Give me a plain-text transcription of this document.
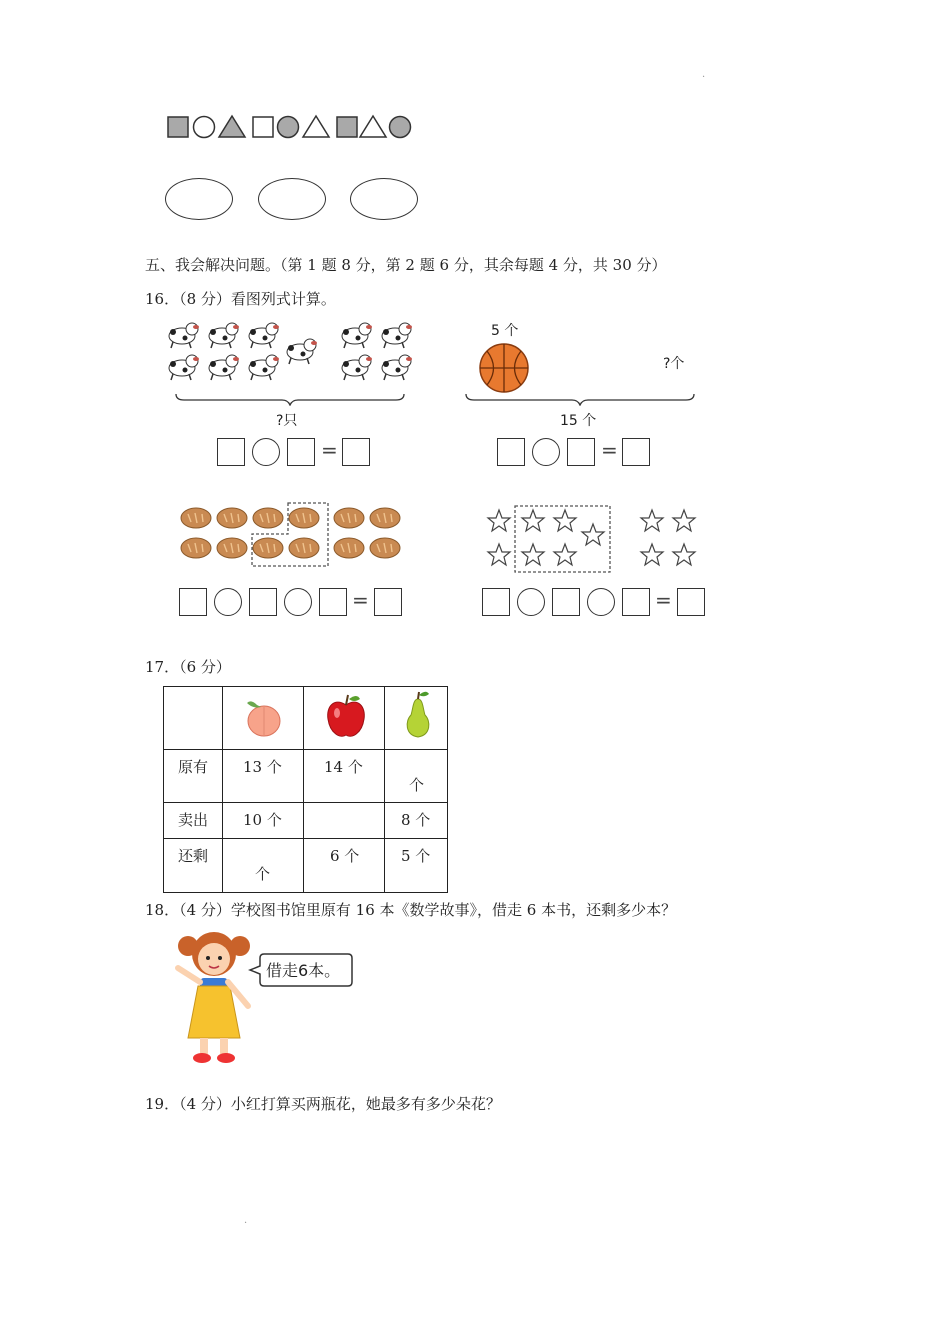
·
·
五、我会解决问题。（第 1 题 8 分，第 2 题 6 分，其余每题 4 分，共 30 分）
16．（8 分）看图列式计算。
?只
=
5 个
?个
15 个
=
=	=
17．（6 分）

原有	13 个	14 个	个

卖出	10 个		8 个

还剩	个	6 个	5 个
18．（4 分）学校图书馆里原有 16 本《数学故事》，借走 6 本书，还剩多少本？
借走6本。
19．（4 分）小红打算买两瓶花，她最多有多少朵花？
